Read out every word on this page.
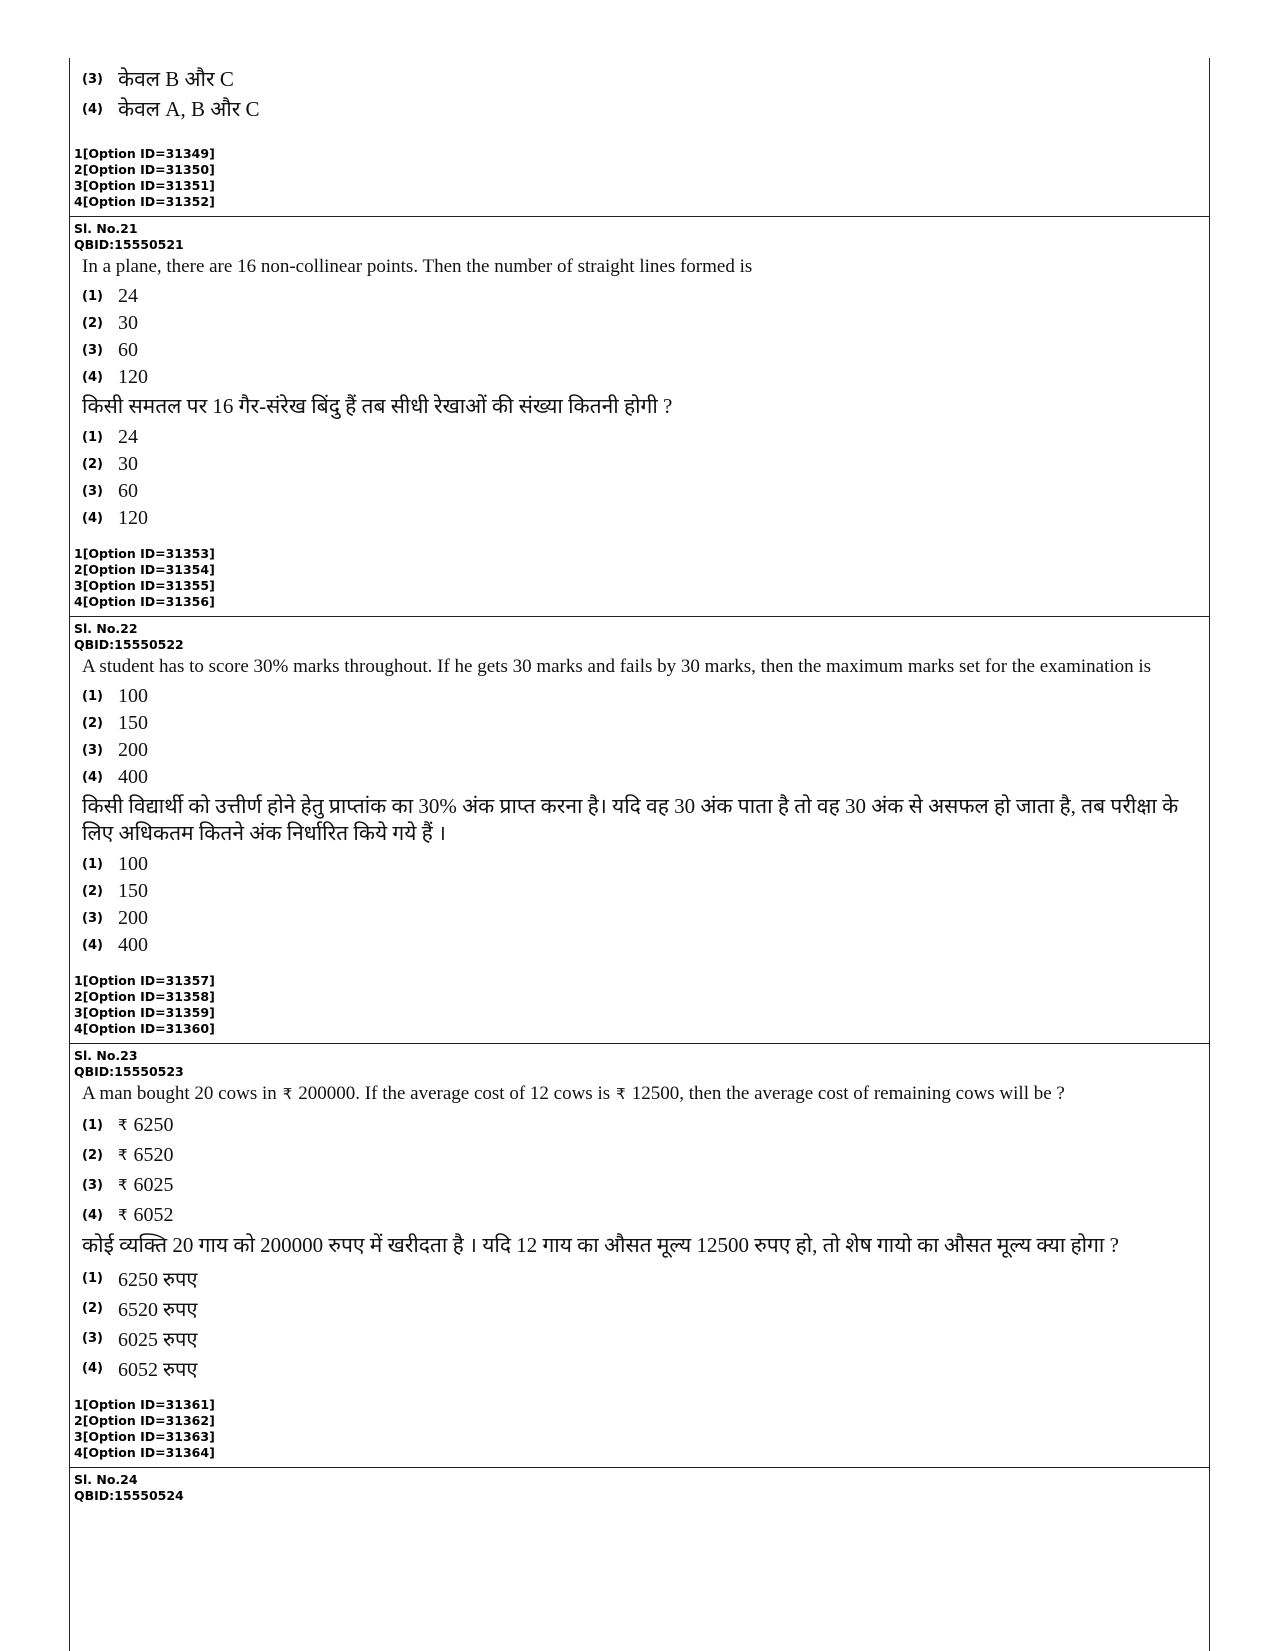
(3) केवल B और C
(4) केवल A, B और C
1[Option ID=31349]
2[Option ID=31350]
3[Option ID=31351]
4[Option ID=31352]
Sl. No.21
QBID:15550521
In a plane, there are 16 non-collinear points. Then the number of straight lines formed is
(1) 24
(2) 30
(3) 60
(4) 120
किसी समतल पर 16 गैर-संरेख बिंदु हैं तब सीधी रेखाओं की संख्या कितनी होगी ?
(1) 24
(2) 30
(3) 60
(4) 120
1[Option ID=31353]
2[Option ID=31354]
3[Option ID=31355]
4[Option ID=31356]
Sl. No.22
QBID:15550522
A student has to score 30% marks throughout. If he gets 30 marks and fails by 30 marks, then the maximum marks set for the examination is
(1) 100
(2) 150
(3) 200
(4) 400
किसी विद्यार्थी को उत्तीर्ण होने हेतु प्राप्तांक का 30% अंक प्राप्त करना है। यदि वह 30 अंक पाता है तो वह 30 अंक से असफल हो जाता है, तब परीक्षा के लिए अधिकतम कितने अंक निर्धारित किये गये हैं ।
(1) 100
(2) 150
(3) 200
(4) 400
1[Option ID=31357]
2[Option ID=31358]
3[Option ID=31359]
4[Option ID=31360]
Sl. No.23
QBID:15550523
A man bought 20 cows in ₹ 200000. If the average cost of 12 cows is ₹ 12500, then the average cost of remaining cows will be ?
(1)	₹ 6250
(2)	₹ 6520
(3)	₹ 6025
(4)	₹ 6052
कोई व्यक्ति 20 गाय को 200000 रुपए में खरीदता है । यदि 12 गाय का औसत मूल्य 12500 रुपए हो, तो शेष गायो का औसत मूल्य क्या होगा ?
(1) 6250 रुपए
(2) 6520 रुपए
(3) 6025 रुपए
(4) 6052 रुपए
1[Option ID=31361]
2[Option ID=31362]
3[Option ID=31363]
4[Option ID=31364]
Sl. No.24
QBID:15550524
